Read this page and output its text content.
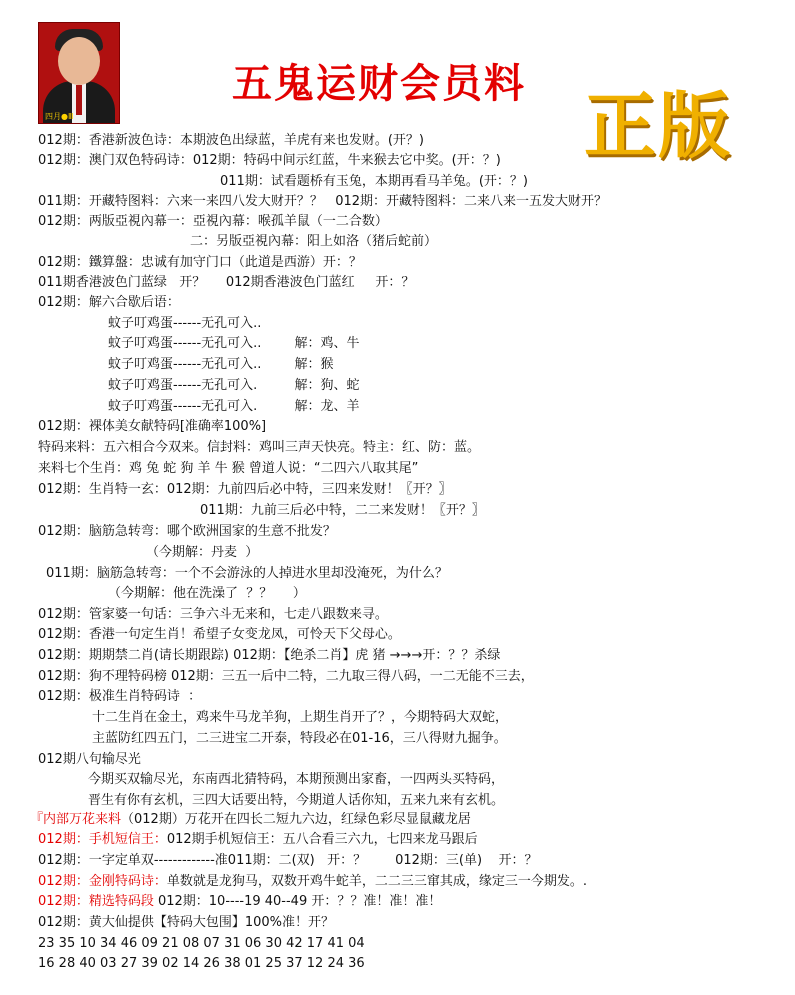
四月●Ⅲ
五鬼运财会员料 正版
012期：香港新波色诗：本期波色出绿蓝，羊虎有来也发财。(开？)
012期：澳门双色特码诗：012期：特码中间示红蓝，牛来猴去它中奖。(开：？)
011期：试看题桥有玉兔，本期再看马羊兔。(开：？)
011期：开藏特图料：六来一来四八发大财开？？   012期：开藏特图料：二来八来一五发大财开？
012期：两版亞視內幕一：亞視內幕：喉孤羊鼠（一二合数）
二：另版亞視內幕：阳上如洛（猪后蛇前）
012期：鐵算盤：忠诚有加守门口（此道是西游）开：？
011期香港波色门蓝绿   开？     012期香港波色门蓝红     开：？
012期：解六合歇后语：
蚊子叮鸡蛋------无孔可入..
蚊子叮鸡蛋------无孔可入..        解：鸡、牛
蚊子叮鸡蛋------无孔可入..        解：猴
蚊子叮鸡蛋------无孔可入.         解：狗、蛇
蚊子叮鸡蛋------无孔可入.         解：龙、羊
012期：裸体美女献特码[准确率100%]
特码来料：五六相合今双来。信封料：鸡叫三声天快亮。特主：红、防：蓝。
来料七个生肖：鸡 兔 蛇 狗 羊 牛 猴 曾道人说：“二四六八取其尾”
012期：生肖特一玄：012期：九前四后必中特，三四来发财！〖开？〗
011期：九前三后必中特，二二来发财！〖开？〗
012期：脑筋急转弯：哪个欧洲国家的生意不批发？
（今期解：丹麦  ）
011期：脑筋急转弯：一个不会游泳的人掉进水里却没淹死，为什么？
（今期解：他在洗澡了  ？？     ）
012期：管家婆一句话：三争六斗无来和，七走八跟数来寻。
012期：香港一句定生肖！希望子女变龙凤，可怜天下父母心。
012期：期期禁二肖(请长期跟踪) 012期：【绝杀二肖】虎 猪 →→→开：？？杀绿
012期：狗不理特码榜 012期：三五一后中二特，二九取三得八码，一二无能不三去，
012期：极准生肖特码诗  ：
十二生肖在金土，鸡来牛马龙羊狗，上期生肖开了？，今期特码大双蛇，
主蓝防红四五门，二三进宝二开泰，特段必在01-16，三八得财九掘争。
012期八句输尽光
今期买双输尽光，东南西北猜特码，本期预测出家畜，一四两头买特码，
晋生有你有玄机，三四大话要出特，今期道人话你知，五来九来有玄机。
『内部万花来料（012期）万花开在四长二短九六边，红绿色彩尽显鼠藏龙居
012期：手机短信王：012期手机短信王：五八合看三六九，七四来龙马跟后
012期：一字定单双-------------准011期：二(双)   开：？       012期：三(单)    开：？
012期：金刚特码诗：单数就是龙狗马，双数开鸡牛蛇羊，二二三三窜其成，缘定三一今期发。.
012期：精选特码段 012期：10----19 40--49 开：？？准！准！准！
012期：黄大仙提供【特码大包围】100%准！开？
23 35 10 34 46 09 21 08 07 31 06 30 42 17 41 04
16 28 40 03 27 39 02 14 26 38 01 25 37 12 24 36
